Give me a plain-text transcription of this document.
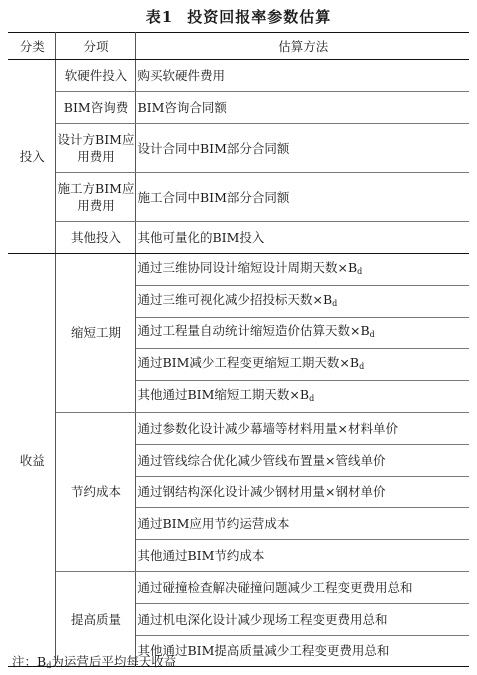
表1 投资回报率参数估算
分类	分项	估算方法
投入	软硬件投入	购买软硬件费用
	BIM咨询费	BIM咨询合同额
	设计方BIM应用费用	设计合同中BIM部分合同额
	施工方BIM应用费用	施工合同中BIM部分合同额
	其他投入	其他可量化的BIM投入
收益	缩短工期	通过三维协同设计缩短设计周期天数$\times B_d$
		通过三维可视化减少招投标天数$\times B_d$
		通过工程量自动统计缩短造价估算天数$\times B_d$
		通过BIM减少工程变更缩短工期天数$\times B_d$
		其他通过BIM缩短工期天数$\times B_d$
	节约成本	通过参数化设计减少幕墙等材料用量×材料单价
		通过管线综合优化减少管线布置量×管线单价
		通过钢结构深化设计减少钢材用量×钢材单价
		通过BIM应用节约运营成本
		其他通过BIM节约成本
	提高质量	通过碰撞检查解决碰撞问题减少工程变更费用总和
		通过机电深化设计减少现场工程变更费用总和
		其他通过BIM提高质量减少工程变更费用总和
注：$B_d$为运营后平均每天收益
